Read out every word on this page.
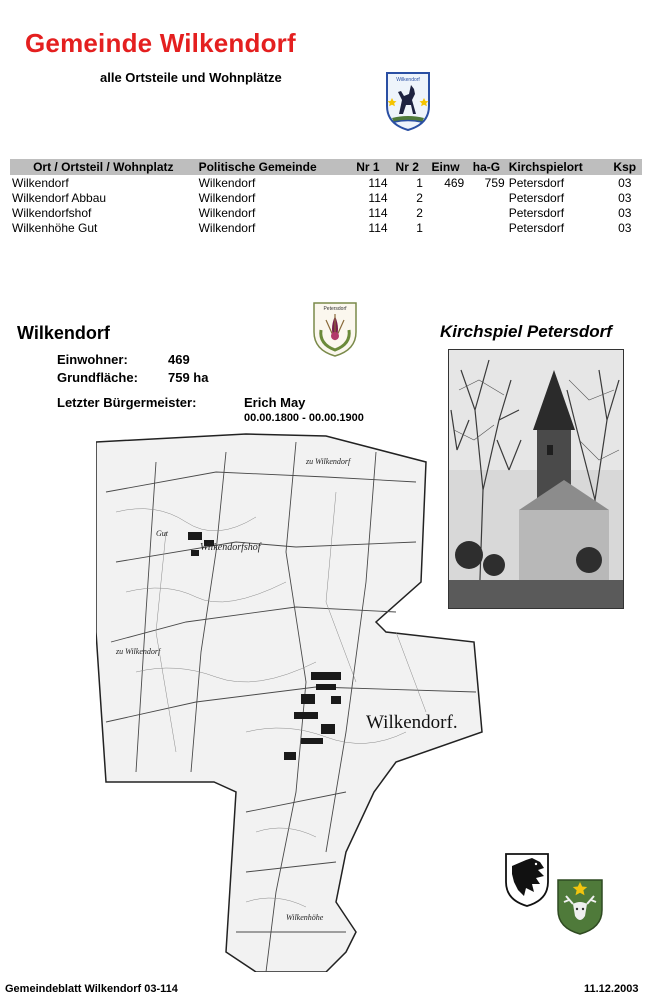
Gemeinde Wilkendorf
alle Ortsteile und Wohnplätze	Wilkendorf
Ort / Ortsteil / Wohnplatz	Politische Gemeinde	Nr 1	Nr 2	Einw	ha-G	Kirchspielort	Ksp
Wilkendorf	Wilkendorf	114	1	469	759	Petersdorf	03
Wilkendorf Abbau	Wilkendorf	114	2			Petersdorf	03
Wilkendorfshof	Wilkendorf	114	2			Petersdorf	03
Wilkenhöhe Gut	Wilkendorf	114	1			Petersdorf	03
Petersdorf
Wilkendorf	Kirchspiel Petersdorf
Einwohner:	469
Grundfläche: 759 ha
Letzter Bürgermeister:	Erich May
00.00.1800 - 00.00.1900
Wilkendorf.
Wilkendorfshof
Gut
zu Wilkendorf
zu Wilkendorf
Wilkenhöhe
Gemeindeblatt Wilkendorf 03-114	11.12.2003
